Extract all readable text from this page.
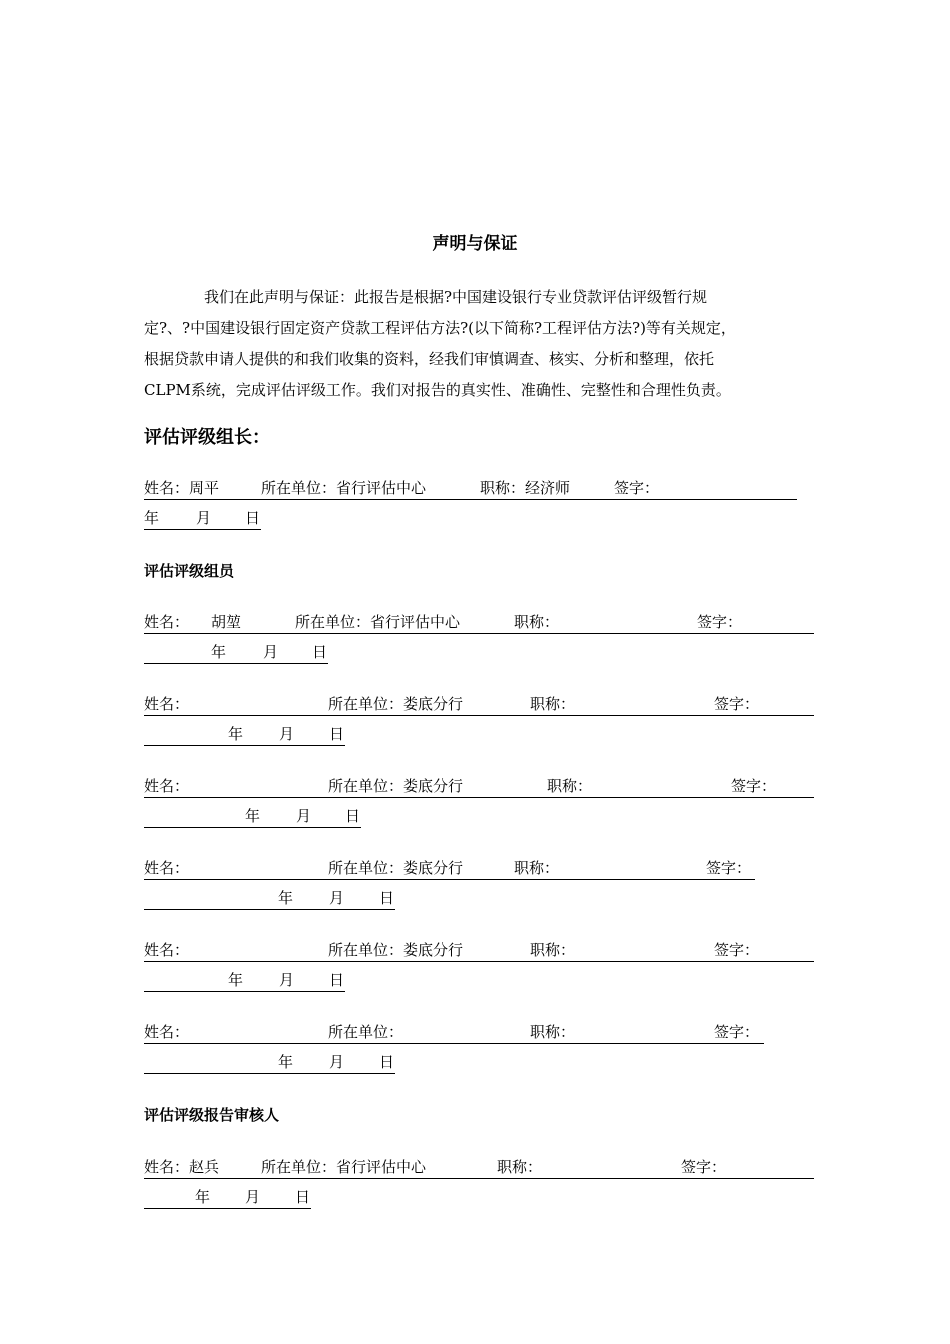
声明与保证
我们在此声明与保证：此报告是根据?中国建设银行专业贷款评估评级暂行规
定?、?中国建设银行固定资产贷款工程评估方法?(以下简称?工程评估方法?)等有关规定，
根据贷款申请人提供的和我们收集的资料，经我们审慎调查、核实、分析和整理，依托
CLPM系统，完成评估评级工作。我们对报告的真实性、准确性、完整性和合理性负责。
评估评级组长：
姓名：周平	所在单位：省行评估中心	职称：经济师	签字：
年 月 日
评估评级组员
姓名： 胡堃	所在单位：省行评估中心	职称：	签字：
年 月 日
姓名：	所在单位：娄底分行	职称：	签字：
年 月 日
姓名：	所在单位：娄底分行	职称：	签字：
年 月 日
姓名：	所在单位：娄底分行	职称：	签字：
年 月 日
姓名：	所在单位：娄底分行	职称：	签字：
年 月 日
姓名：	所在单位：	职称：	签字：
年 月 日
评估评级报告审核人
姓名：赵兵	所在单位：省行评估中心	职称：	签字：
年 月 日
